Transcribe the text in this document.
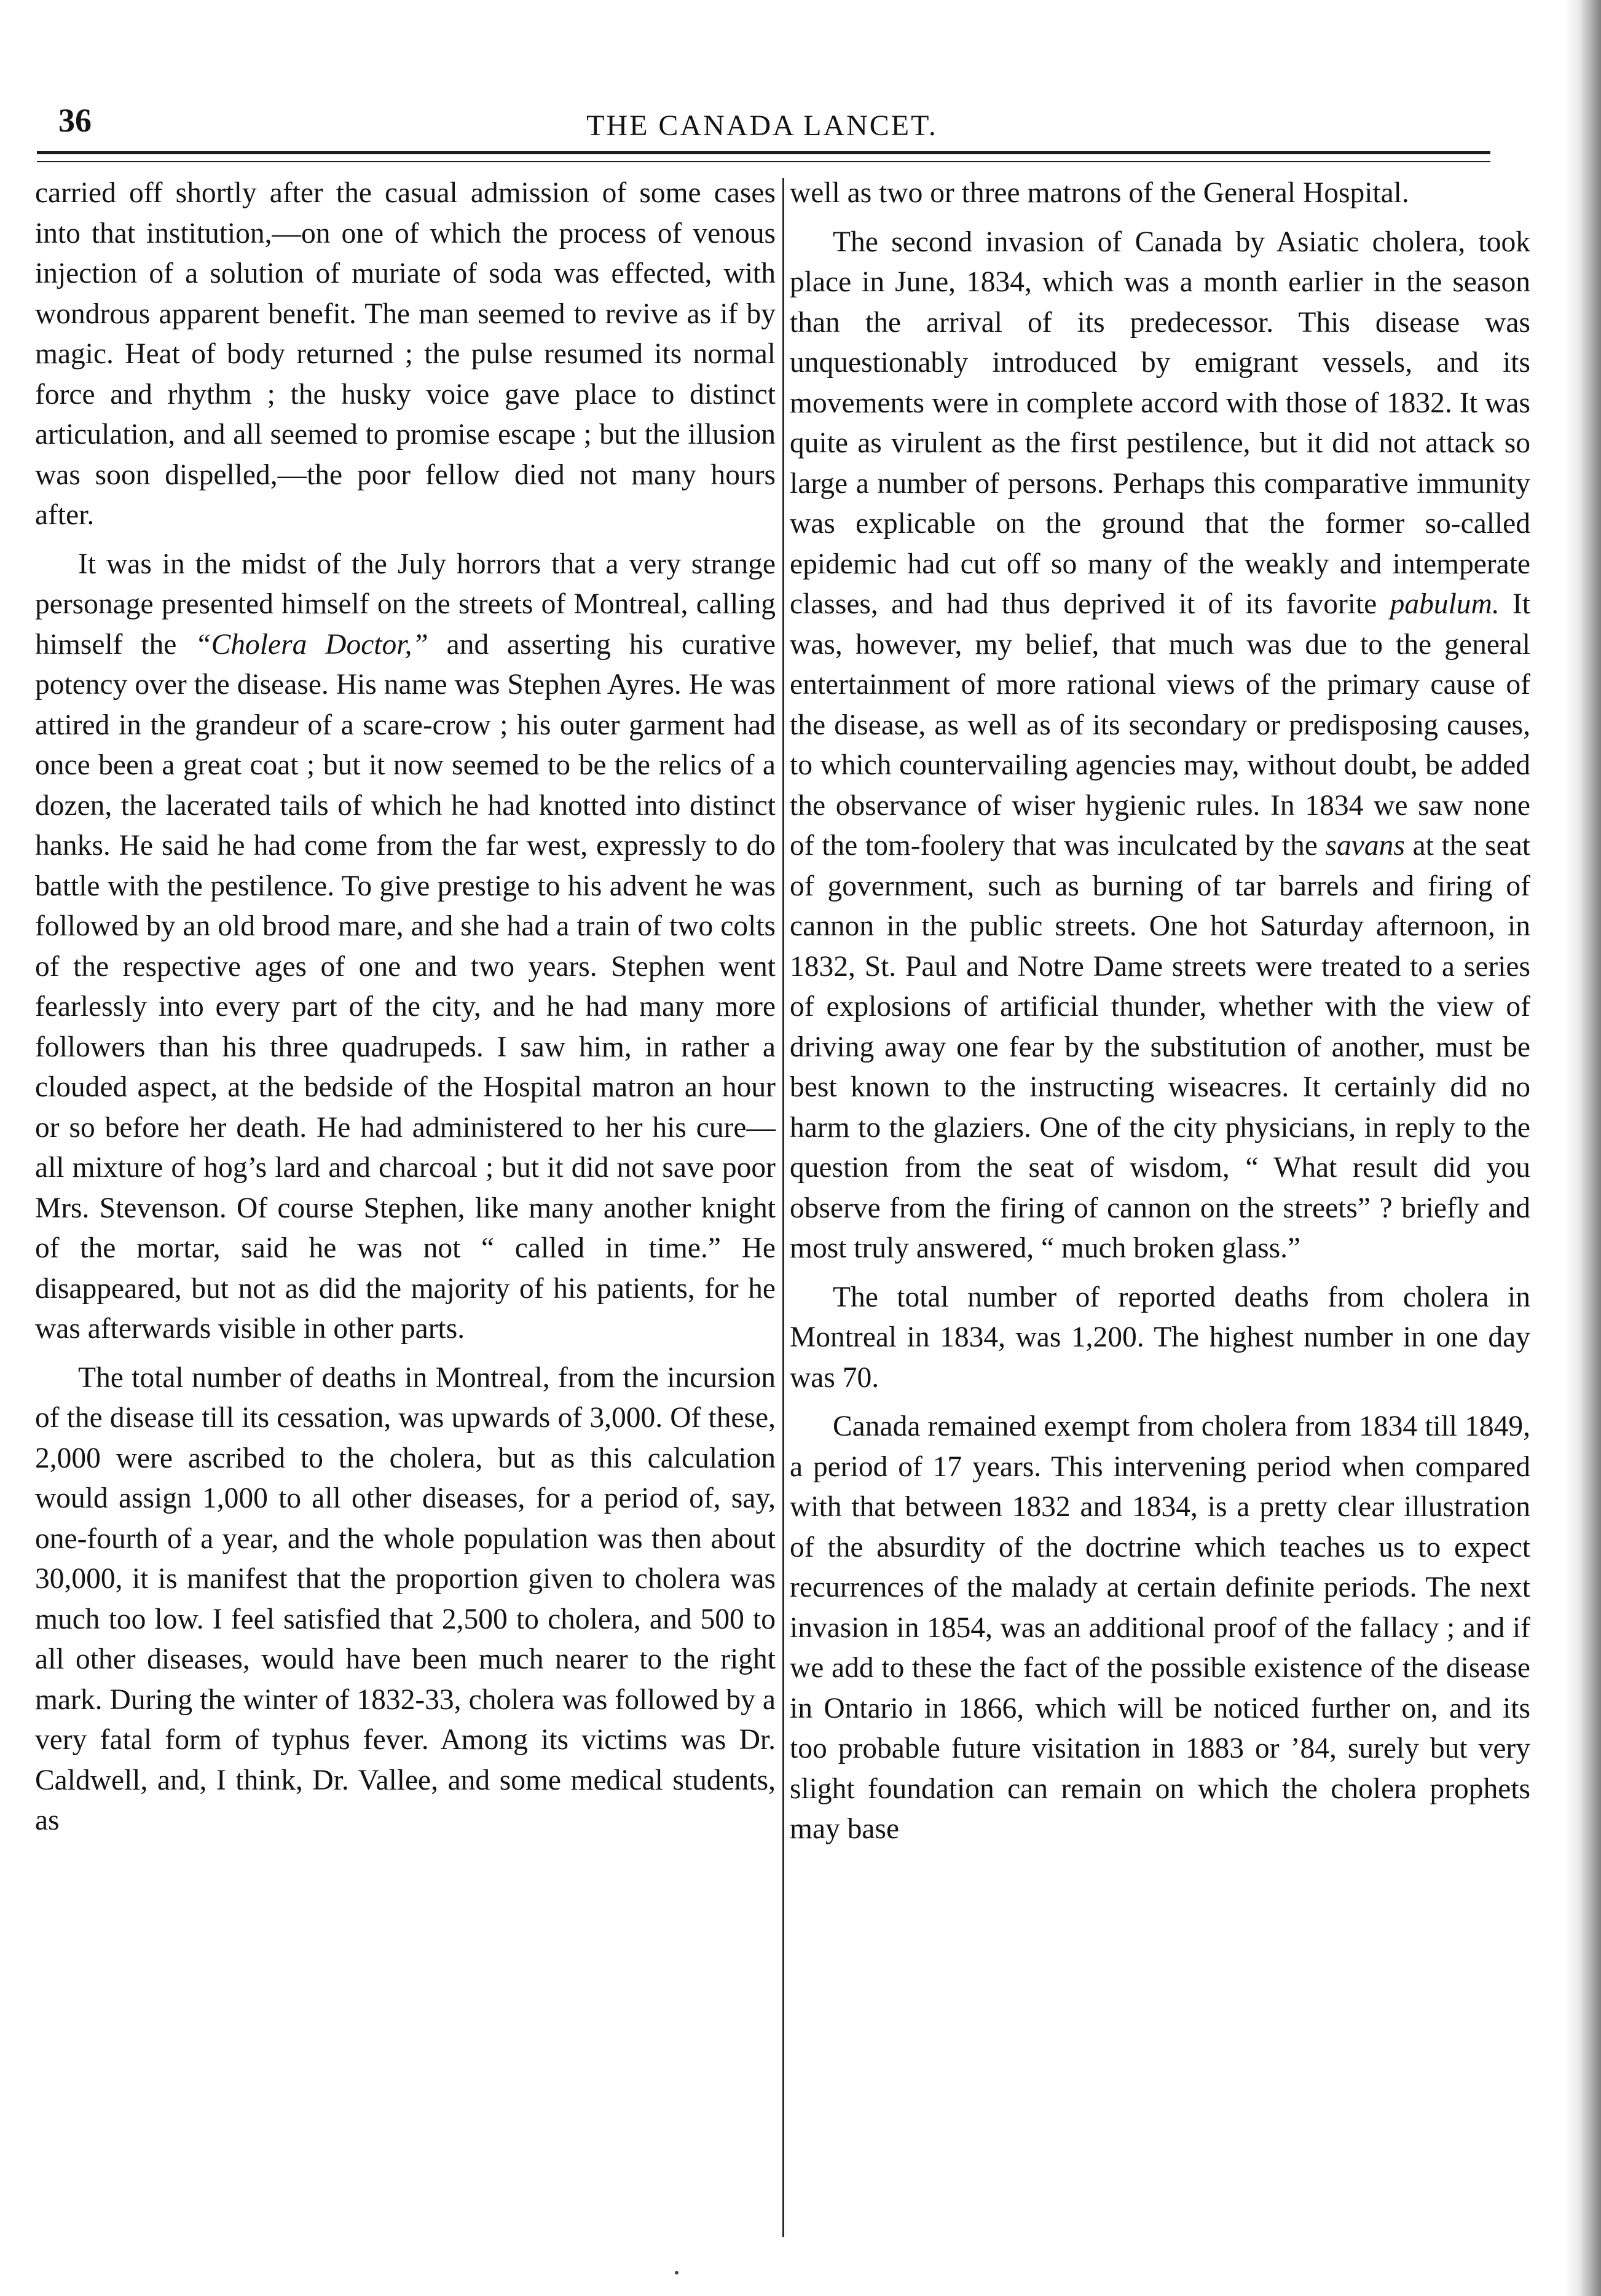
36	THE CANADA LANCET.

carried off shortly after the casual admission of some cases into that institution,—on one of which the process of venous injection of a solution of muriate of soda was effected, with wondrous apparent benefit. The man seemed to revive as if by magic. Heat of body returned ; the pulse resumed its normal force and rhythm ; the husky voice gave place to distinct articulation, and all seemed to promise escape ; but the illusion was soon dispelled,—the poor fellow died not many hours after.

It was in the midst of the July horrors that a very strange personage presented himself on the streets of Montreal, calling himself the “Cholera Doctor,” and asserting his curative potency over the disease. His name was Stephen Ayres. He was attired in the grandeur of a scare-crow ; his outer garment had once been a great coat ; but it now seemed to be the relics of a dozen, the lacerated tails of which he had knotted into distinct hanks. He said he had come from the far west, expressly to do battle with the pestilence. To give prestige to his advent he was followed by an old brood mare, and she had a train of two colts of the respective ages of one and two years. Stephen went fearlessly into every part of the city, and he had many more followers than his three quadrupeds. I saw him, in rather a clouded aspect, at the bedside of the Hospital matron an hour or so before her death. He had administered to her his cure—all mixture of hog’s lard and charcoal ; but it did not save poor Mrs. Stevenson. Of course Stephen, like many another knight of the mortar, said he was not “ called in time.” He disappeared, but not as did the majority of his patients, for he was afterwards visible in other parts.

The total number of deaths in Montreal, from the incursion of the disease till its cessation, was upwards of 3,000. Of these, 2,000 were ascribed to the cholera, but as this calculation would assign 1,000 to all other diseases, for a period of, say, one-fourth of a year, and the whole population was then about 30,000, it is manifest that the proportion given to cholera was much too low. I feel satisfied that 2,500 to cholera, and 500 to all other diseases, would have been much nearer to the right mark. During the winter of 1832-33, cholera was followed by a very fatal form of typhus fever. Among its victims was Dr. Caldwell, and, I think, Dr. Vallee, and some medical students, as

well as two or three matrons of the General Hospital.

The second invasion of Canada by Asiatic cholera, took place in June, 1834, which was a month earlier in the season than the arrival of its predecessor. This disease was unquestionably introduced by emigrant vessels, and its movements were in complete accord with those of 1832. It was quite as virulent as the first pestilence, but it did not attack so large a number of persons. Perhaps this comparative immunity was explicable on the ground that the former so-called epidemic had cut off so many of the weakly and intemperate classes, and had thus deprived it of its favorite pabulum. It was, however, my belief, that much was due to the general entertainment of more rational views of the primary cause of the disease, as well as of its secondary or predisposing causes, to which countervailing agencies may, without doubt, be added the observance of wiser hygienic rules. In 1834 we saw none of the tom-foolery that was inculcated by the savans at the seat of government, such as burning of tar barrels and firing of cannon in the public streets. One hot Saturday afternoon, in 1832, St. Paul and Notre Dame streets were treated to a series of explosions of artificial thunder, whether with the view of driving away one fear by the substitution of another, must be best known to the instructing wiseacres. It certainly did no harm to the glaziers. One of the city physicians, in reply to the question from the seat of wisdom, “ What result did you observe from the firing of cannon on the streets” ? briefly and most truly answered, “ much broken glass.”

The total number of reported deaths from cholera in Montreal in 1834, was 1,200. The highest number in one day was 70.

Canada remained exempt from cholera from 1834 till 1849, a period of 17 years. This intervening period when compared with that between 1832 and 1834, is a pretty clear illustration of the absurdity of the doctrine which teaches us to expect recurrences of the malady at certain definite periods. The next invasion in 1854, was an additional proof of the fallacy ; and if we add to these the fact of the possible existence of the disease in Ontario in 1866, which will be noticed further on, and its too probable future visitation in 1883 or ’84, surely but very slight foundation can remain on which the cholera prophets may base
